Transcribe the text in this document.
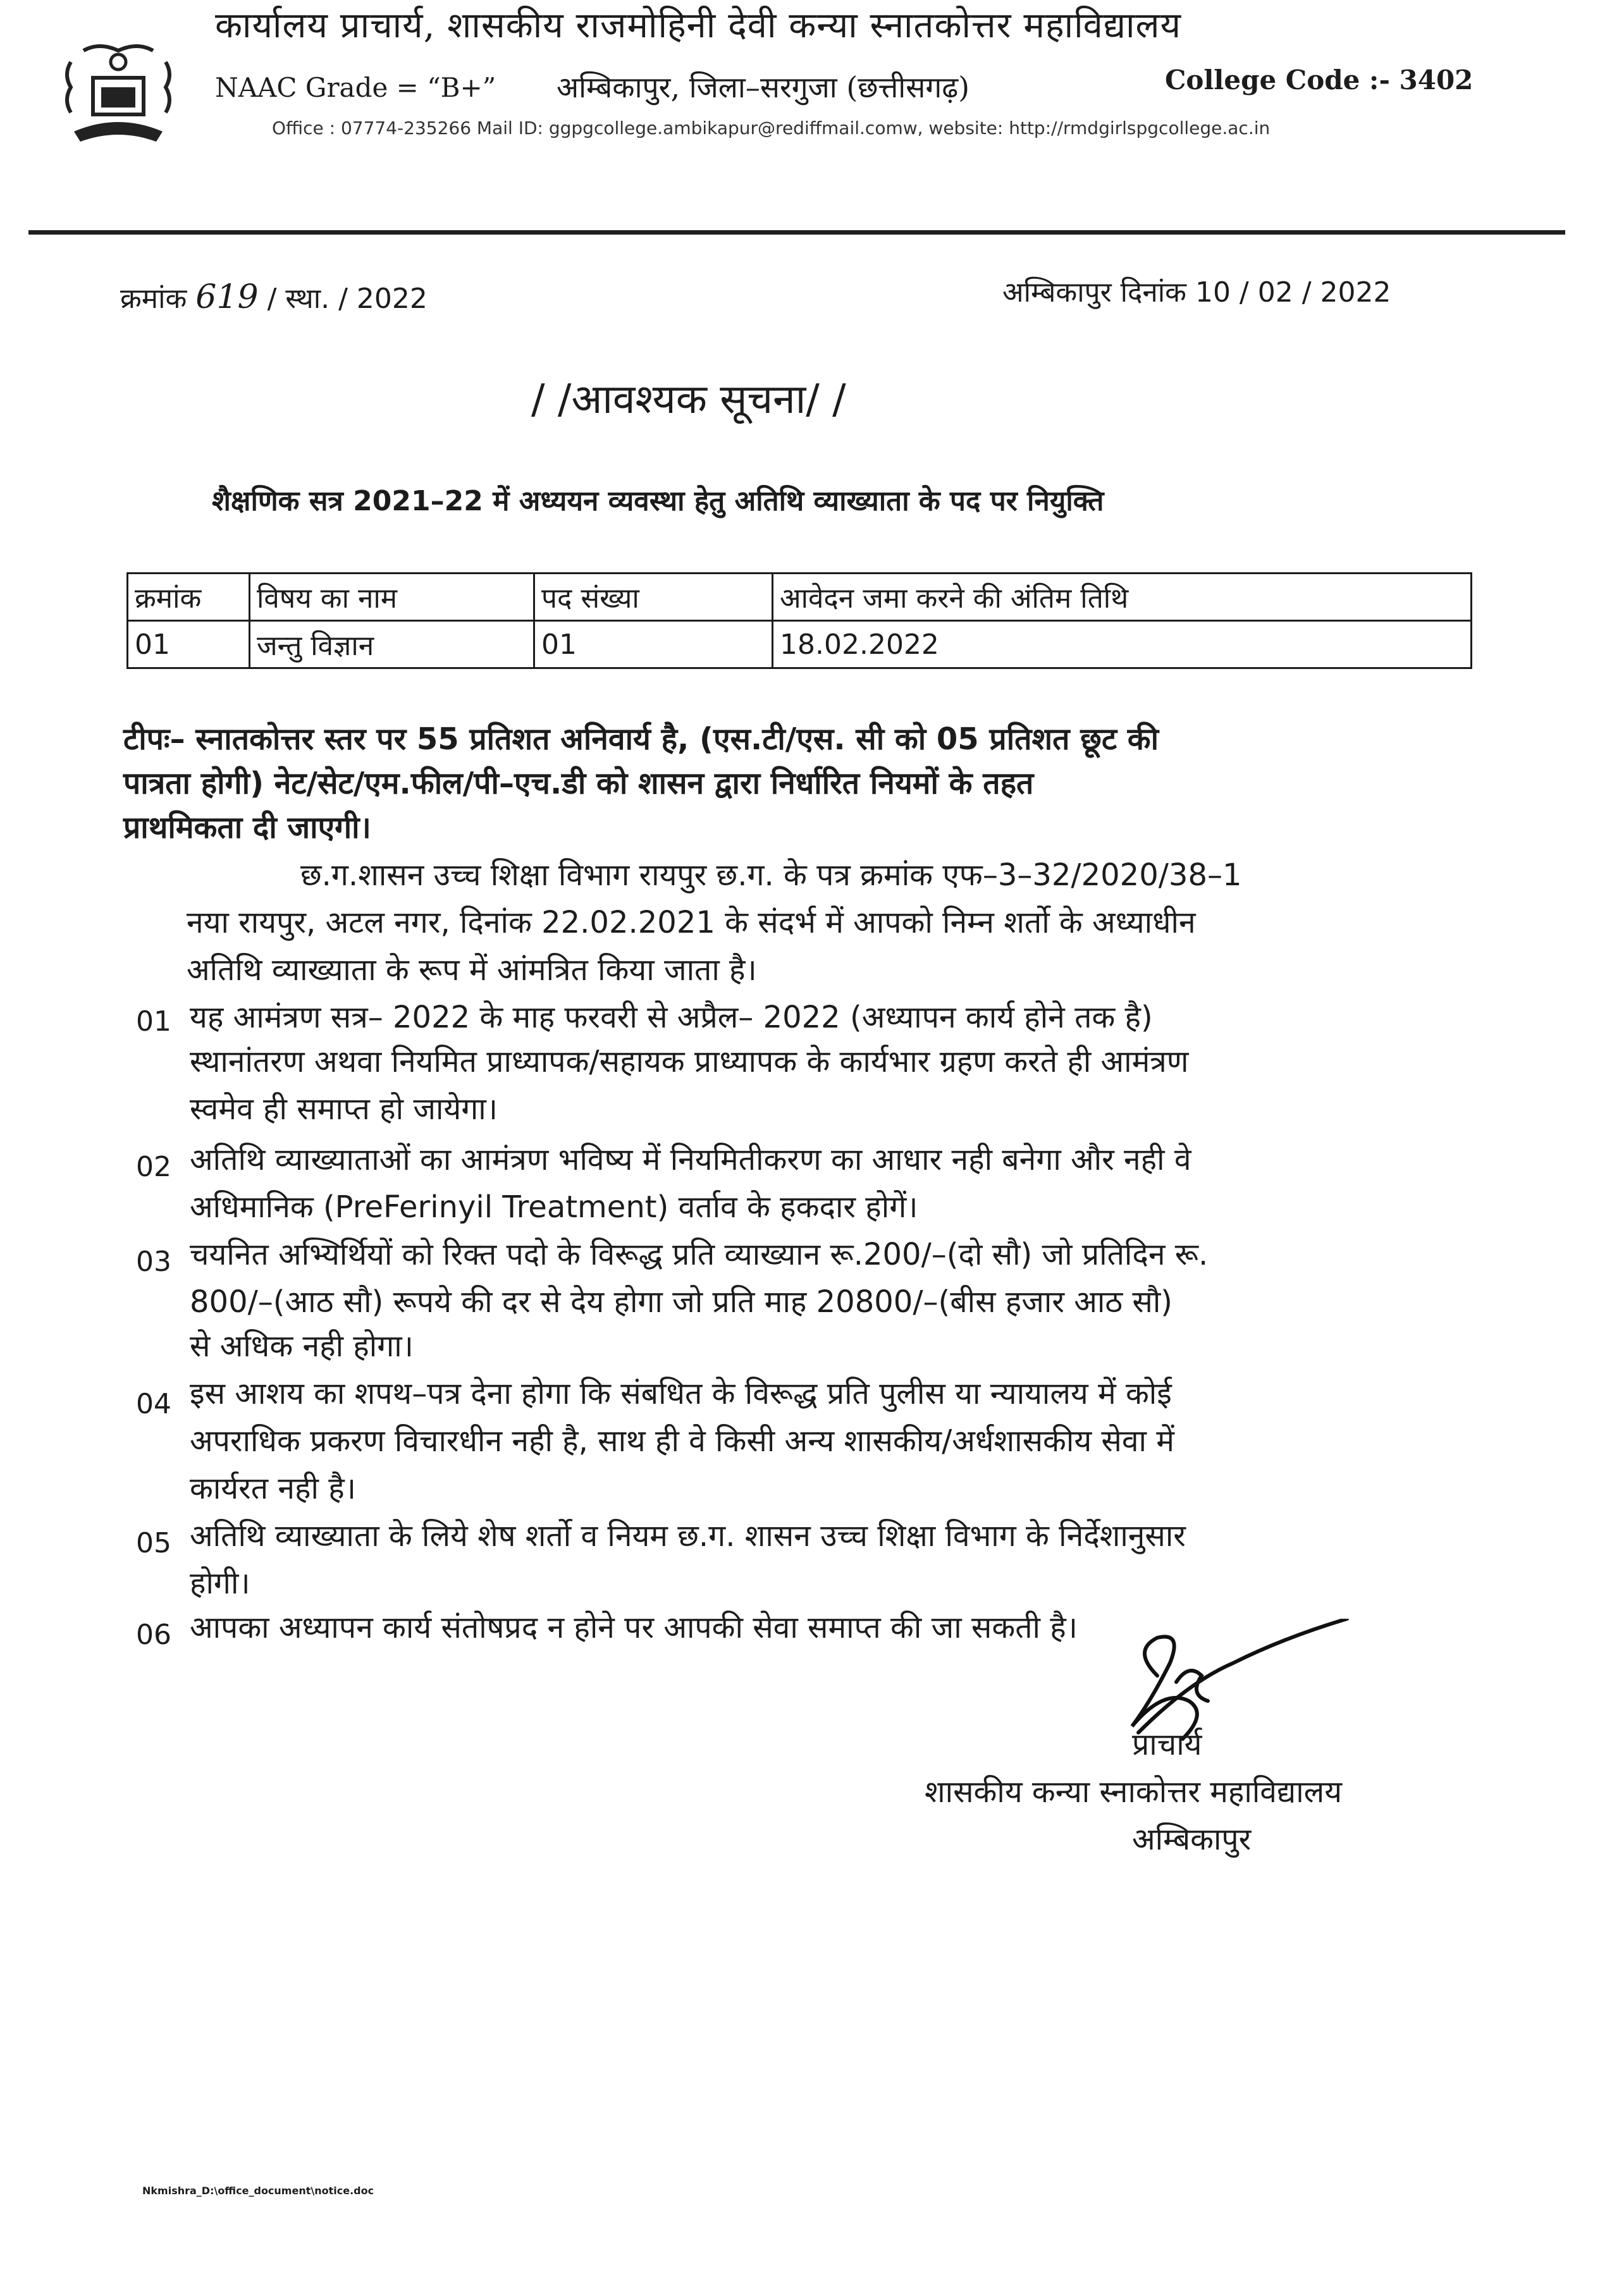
कार्यालय प्राचार्य, शासकीय राजमोहिनी देवी कन्या स्नातकोत्तर महाविद्यालय
NAAC Grade = “B+” अम्बिकापुर, जिला–सरगुजा (छत्तीसगढ़)	College Code :- 3402
Office : 07774-235266 Mail ID: ggpgcollege.ambikapur@rediffmail.comw, website: http://rmdgirlspgcollege.ac.in
क्रमांक 619 / स्था. / 2022	अम्बिकापुर दिनांक 10 / 02 / 2022
/ /आवश्यक सूचना/ /
शैक्षणिक सत्र 2021–22 में अध्ययन व्यवस्था हेतु अतिथि व्याख्याता के पद पर नियुक्ति
क्रमांक	विषय का नाम	पद संख्या	आवेदन जमा करने की अंतिम तिथि
01	जन्तु विज्ञान	01	18.02.2022
टीपः– स्नातकोत्तर स्तर पर 55 प्रतिशत अनिवार्य है, (एस.टी/एस. सी को 05 प्रतिशत छूट की
पात्रता होगी) नेट/सेट/एम.फील/पी–एच.डी को शासन द्वारा निर्धारित नियमों के तहत
प्राथमिकता दी जाएगी।
छ.ग.शासन उच्च शिक्षा विभाग रायपुर छ.ग. के पत्र क्रमांक एफ–3–32/2020/38–1
नया रायपुर, अटल नगर, दिनांक 22.02.2021 के संदर्भ में आपको निम्न शर्तो के अध्याधीन
अतिथि व्याख्याता के रूप में आंमत्रित किया जाता है।
01 यह आमंत्रण सत्र– 2022 के माह फरवरी से अप्रैल– 2022 (अध्यापन कार्य होने तक है)
स्थानांतरण अथवा नियमित प्राध्यापक/सहायक प्राध्यापक के कार्यभार ग्रहण करते ही आमंत्रण
स्वमेव ही समाप्त हो जायेगा।
02 अतिथि व्याख्याताओं का आमंत्रण भविष्य में नियमितीकरण का आधार नही बनेगा और नही वे
अधिमानिक (PreFerinyil Treatment) वर्ताव के हकदार होगें।
03 चयनित अभ्यिर्थियों को रिक्त पदो के विरूद्ध प्रति व्याख्यान रू.200/–(दो सौ) जो प्रतिदिन रू.
800/–(आठ सौ) रूपये की दर से देय होगा जो प्रति माह 20800/–(बीस हजार आठ सौ)
से अधिक नही होगा।
04 इस आशय का शपथ–पत्र देना होगा कि संबधित के विरूद्ध प्रति पुलीस या न्यायालय में कोई
अपराधिक प्रकरण विचारधीन नही है, साथ ही वे किसी अन्य शासकीय/अर्धशासकीय सेवा में
कार्यरत नही है।
05 अतिथि व्याख्याता के लिये शेष शर्तो व नियम छ.ग. शासन उच्च शिक्षा विभाग के निर्देशानुसार
होगी।
06 आपका अध्यापन कार्य संतोषप्रद न होने पर आपकी सेवा समाप्त की जा सकती है।
प्राचार्य
शासकीय कन्या स्नाकोत्तर महाविद्यालय
अम्बिकापुर
Nkmishra_D:\office_document\notice.doc
